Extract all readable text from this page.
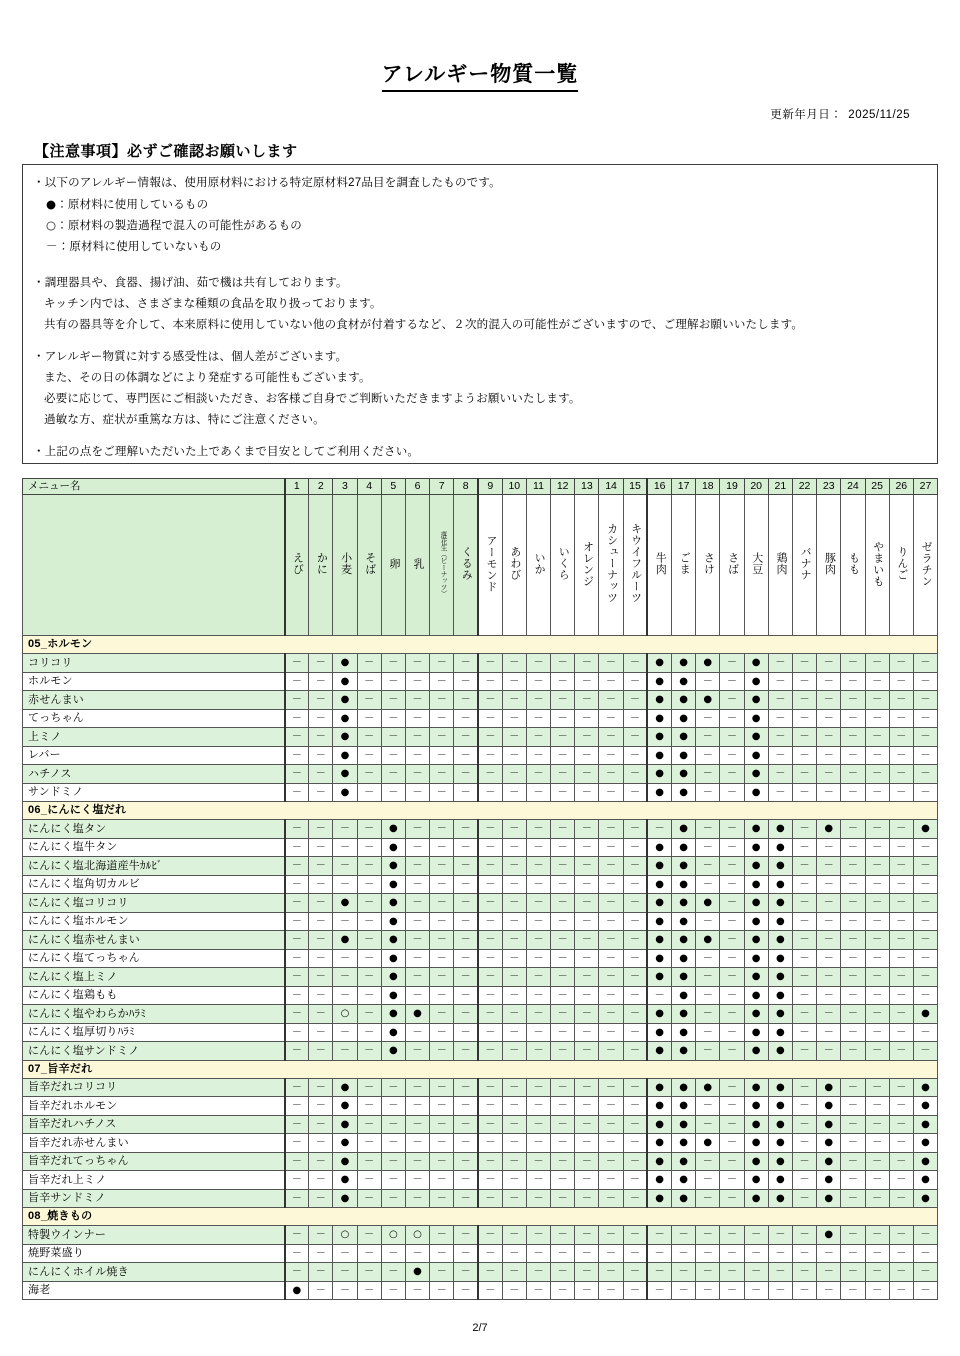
アレルギー物質一覧
更新年月日： 2025/11/25
【注意事項】必ずご確認お願いします

・以下のアレルギー情報は、使用原材料における特定原材料27品目を調査したものです。

●：原材料に使用しているもの

○：原材料の製造過程で混入の可能性があるもの

－：原材料に使用していないもの

・調理器具や、食器、揚げ油、茹で機は共有しております。

キッチン内では、さまざまな種類の食品を取り扱っております。

共有の器具等を介して、本来原料に使用していない他の食材が付着するなど、２次的混入の可能性がございますので、ご理解お願いいたします。

・アレルギー物質に対する感受性は、個人差がございます。

また、その日の体調などにより発症する可能性もございます。

必要に応じて、専門医にご相談いただき、お客様ご自身でご判断いただきますようお願いいたします。

過敏な方、症状が重篤な方は、特にご注意ください。

・上記の点をご理解いただいた上であくまで目安としてご利用ください。

メニュー名	1	2	3	4	5	6	7	8	9	10	11	12	13	14	15	16	17	18	19	20	21	22	23	24	25	26	27
	えび	かに	小麦	そば	卵	乳	落花生（ピーナッツ）	くるみ	アーモンド	あわび	いか	いくら	オレンジ	カシューナッツ	キウイフルーツ	牛肉	ごま	さけ	さば	大豆	鶏肉	バナナ	豚肉	もも	やまいも	りんご	ゼラチン
05_ホルモン																											
コリコリ	－	－	●	－	－	－	－	－	－	－	－	－	－	－	－	●	●	●	－	●	－	－	－	－	－	－	－
ホルモン	－	－	●	－	－	－	－	－	－	－	－	－	－	－	－	●	●	－	－	●	－	－	－	－	－	－	－
赤せんまい	－	－	●	－	－	－	－	－	－	－	－	－	－	－	－	●	●	●	－	●	－	－	－	－	－	－	－
てっちゃん	－	－	●	－	－	－	－	－	－	－	－	－	－	－	－	●	●	－	－	●	－	－	－	－	－	－	－
上ミノ	－	－	●	－	－	－	－	－	－	－	－	－	－	－	－	●	●	－	－	●	－	－	－	－	－	－	－
レバー	－	－	●	－	－	－	－	－	－	－	－	－	－	－	－	●	●	－	－	●	－	－	－	－	－	－	－
ハチノス	－	－	●	－	－	－	－	－	－	－	－	－	－	－	－	●	●	－	－	●	－	－	－	－	－	－	－
サンドミノ	－	－	●	－	－	－	－	－	－	－	－	－	－	－	－	●	●	－	－	●	－	－	－	－	－	－	－
06_にんにく塩だれ																											
にんにく塩タン	－	－	－	－	●	－	－	－	－	－	－	－	－	－	－	－	●	－	－	●	●	－	●	－	－	－	●
にんにく塩牛タン	－	－	－	－	●	－	－	－	－	－	－	－	－	－	－	●	●	－	－	●	●	－	－	－	－	－	－
にんにく塩北海道産牛ｶﾙﾋﾞ	－	－	－	－	●	－	－	－	－	－	－	－	－	－	－	●	●	－	－	●	●	－	－	－	－	－	－
にんにく塩角切カルビ	－	－	－	－	●	－	－	－	－	－	－	－	－	－	－	●	●	－	－	●	●	－	－	－	－	－	－
にんにく塩コリコリ	－	－	●	－	●	－	－	－	－	－	－	－	－	－	－	●	●	●	－	●	●	－	－	－	－	－	－
にんにく塩ホルモン	－	－	－	－	●	－	－	－	－	－	－	－	－	－	－	●	●	－	－	●	●	－	－	－	－	－	－
にんにく塩赤せんまい	－	－	●	－	●	－	－	－	－	－	－	－	－	－	－	●	●	●	－	●	●	－	－	－	－	－	－
にんにく塩てっちゃん	－	－	－	－	●	－	－	－	－	－	－	－	－	－	－	●	●	－	－	●	●	－	－	－	－	－	－
にんにく塩上ミノ	－	－	－	－	●	－	－	－	－	－	－	－	－	－	－	●	●	－	－	●	●	－	－	－	－	－	－
にんにく塩鶏もも	－	－	－	－	●	－	－	－	－	－	－	－	－	－	－	－	●	－	－	●	●	－	－	－	－	－	－
にんにく塩やわらかﾊﾗﾐ	－	－	○	－	●	●	－	－	－	－	－	－	－	－	－	●	●	－	－	●	●	－	－	－	－	－	●
にんにく塩厚切りﾊﾗﾐ	－	－	－	－	●	－	－	－	－	－	－	－	－	－	－	●	●	－	－	●	●	－	－	－	－	－	－
にんにく塩サンドミノ	－	－	－	－	●	－	－	－	－	－	－	－	－	－	－	●	●	－	－	●	●	－	－	－	－	－	－
07_旨辛だれ																											
旨辛だれコリコリ	－	－	●	－	－	－	－	－	－	－	－	－	－	－	－	●	●	●	－	●	●	－	●	－	－	－	●
旨辛だれホルモン	－	－	●	－	－	－	－	－	－	－	－	－	－	－	－	●	●	－	－	●	●	－	●	－	－	－	●
旨辛だれハチノス	－	－	●	－	－	－	－	－	－	－	－	－	－	－	－	●	●	－	－	●	●	－	●	－	－	－	●
旨辛だれ赤せんまい	－	－	●	－	－	－	－	－	－	－	－	－	－	－	－	●	●	●	－	●	●	－	●	－	－	－	●
旨辛だれてっちゃん	－	－	●	－	－	－	－	－	－	－	－	－	－	－	－	●	●	－	－	●	●	－	●	－	－	－	●
旨辛だれ上ミノ	－	－	●	－	－	－	－	－	－	－	－	－	－	－	－	●	●	－	－	●	●	－	●	－	－	－	●
旨辛サンドミノ	－	－	●	－	－	－	－	－	－	－	－	－	－	－	－	●	●	－	－	●	●	－	●	－	－	－	●
08_焼きもの																											
特製ウインナー	－	－	○	－	○	○	－	－	－	－	－	－	－	－	－	－	－	－	－	－	－	－	●	－	－	－	－
焼野菜盛り	－	－	－	－	－	－	－	－	－	－	－	－	－	－	－	－	－	－	－	－	－	－	－	－	－	－	－
にんにくホイル焼き	－	－	－	－	－	●	－	－	－	－	－	－	－	－	－	－	－	－	－	－	－	－	－	－	－	－	－
海老	●	－	－	－	－	－	－	－	－	－	－	－	－	－	－	－	－	－	－	－	－	－	－	－	－	－	－
2/7
